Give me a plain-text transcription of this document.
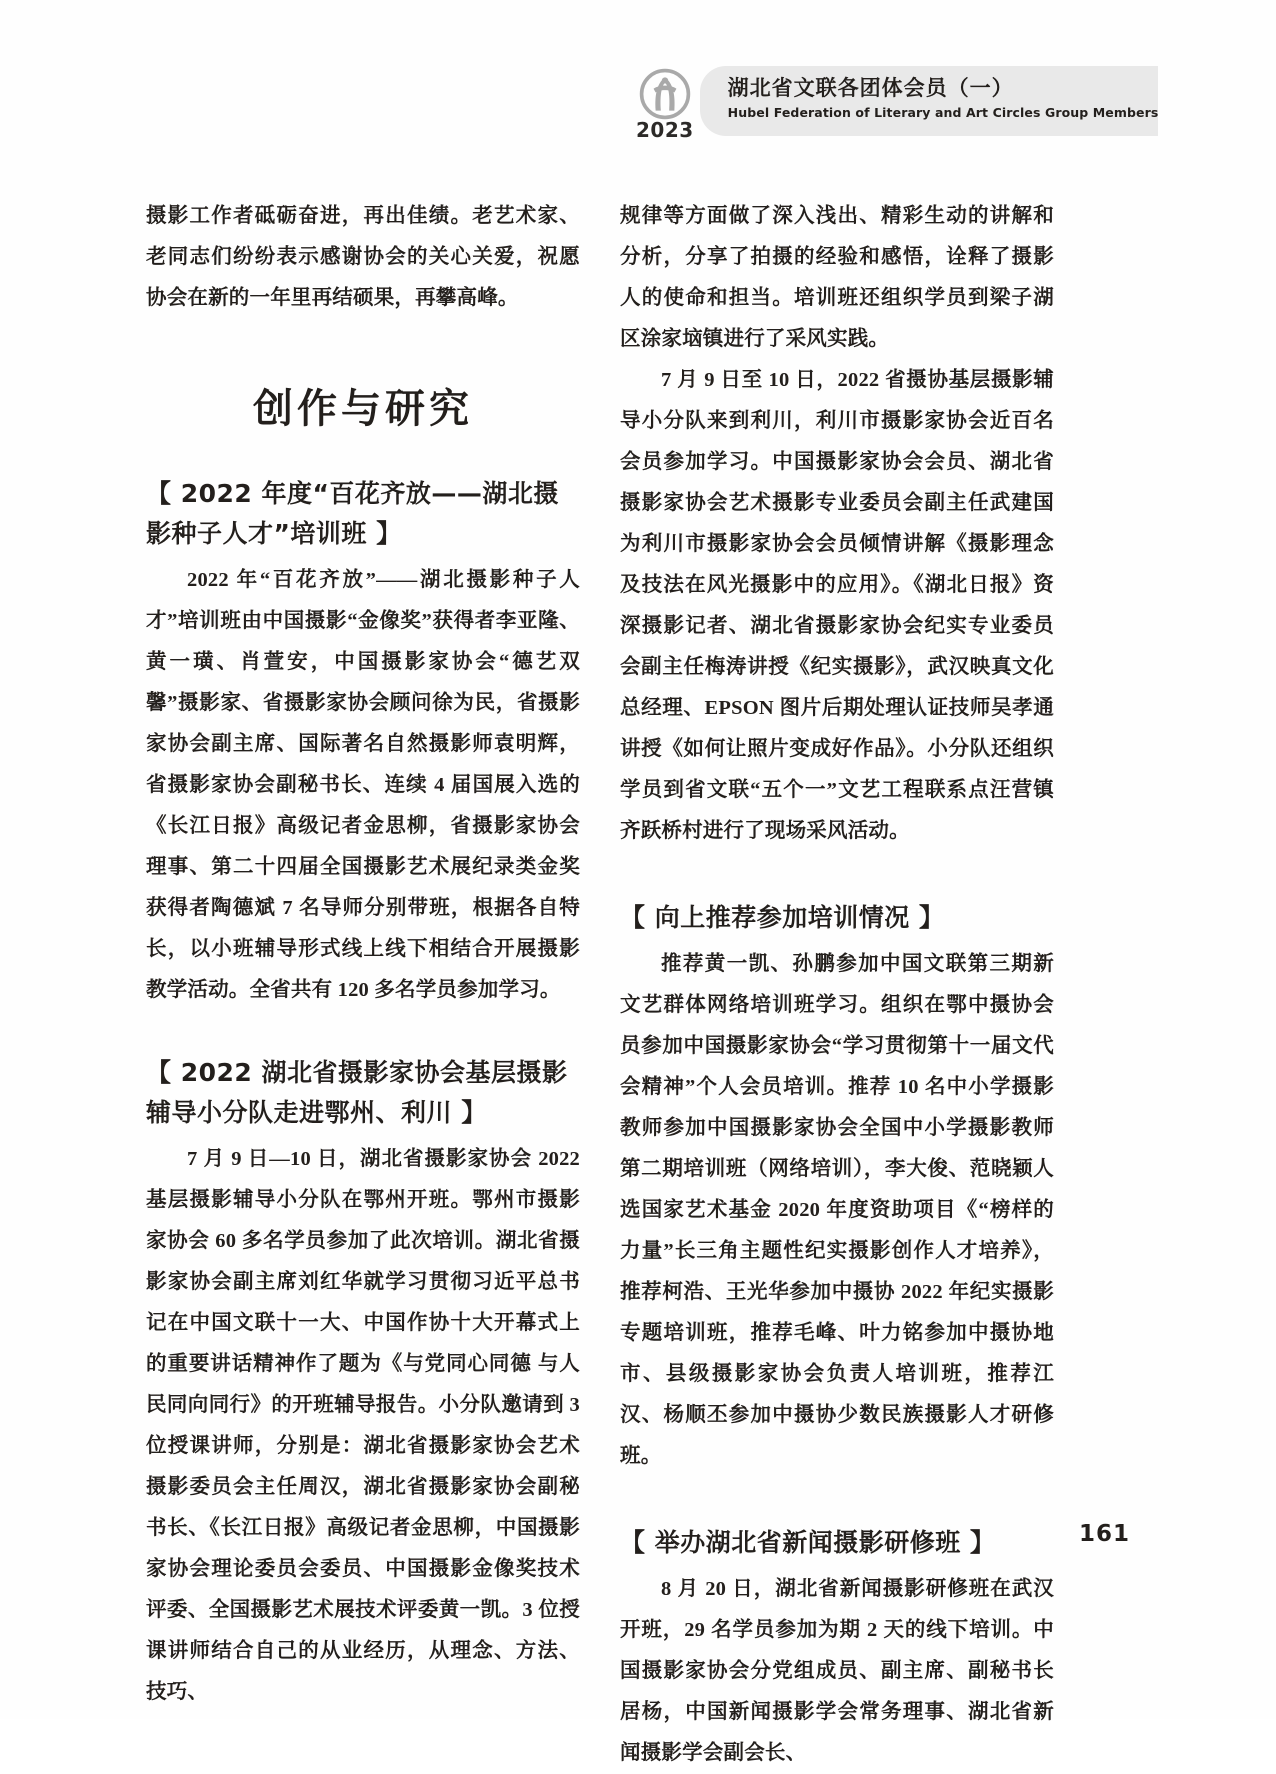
2023
湖北省文联各团体会员（一）
Hubel Federation of Literary and Art Circles Group Members

摄影工作者砥砺奋进，再出佳绩。老艺术家、老同志们纷纷表示感谢协会的关心关爱，祝愿协会在新的一年里再结硕果，再攀高峰。

创作与研究
【 2022 年度“百花齐放——湖北摄影种子人才”培训班 】

2022 年“百花齐放”——湖北摄影种子人才”培训班由中国摄影“金像奖”获得者李亚隆、黄一璜、肖萱安，中国摄影家协会“德艺双馨”摄影家、省摄影家协会顾问徐为民，省摄影家协会副主席、国际著名自然摄影师袁明辉，省摄影家协会副秘书长、连续 4 届国展入选的《长江日报》高级记者金思柳，省摄影家协会理事、第二十四届全国摄影艺术展纪录类金奖获得者陶德斌 7 名导师分别带班，根据各自特长，以小班辅导形式线上线下相结合开展摄影教学活动。全省共有 120 多名学员参加学习。

【 2022 湖北省摄影家协会基层摄影辅导小分队走进鄂州、利川 】

7 月 9 日—10 日，湖北省摄影家协会 2022 基层摄影辅导小分队在鄂州开班。鄂州市摄影家协会 60 多名学员参加了此次培训。湖北省摄影家协会副主席刘红华就学习贯彻习近平总书记在中国文联十一大、中国作协十大开幕式上的重要讲话精神作了题为《与党同心同德 与人民同向同行》的开班辅导报告。小分队邀请到 3 位授课讲师，分别是：湖北省摄影家协会艺术摄影委员会主任周汉，湖北省摄影家协会副秘书长、《长江日报》高级记者金思柳，中国摄影家协会理论委员会委员、中国摄影金像奖技术评委、全国摄影艺术展技术评委黄一凯。3 位授课讲师结合自己的从业经历，从理念、方法、技巧、

规律等方面做了深入浅出、精彩生动的讲解和分析，分享了拍摄的经验和感悟，诠释了摄影人的使命和担当。培训班还组织学员到梁子湖区涂家垴镇进行了采风实践。

7 月 9 日至 10 日，2022 省摄协基层摄影辅导小分队来到利川，利川市摄影家协会近百名会员参加学习。中国摄影家协会会员、湖北省摄影家协会艺术摄影专业委员会副主任武建国为利川市摄影家协会会员倾情讲解《摄影理念及技法在风光摄影中的应用》。《湖北日报》资深摄影记者、湖北省摄影家协会纪实专业委员会副主任梅涛讲授《纪实摄影》，武汉映真文化总经理、EPSON 图片后期处理认证技师吴孝通讲授《如何让照片变成好作品》。小分队还组织学员到省文联“五个一”文艺工程联系点汪营镇齐跃桥村进行了现场采风活动。

【 向上推荐参加培训情况 】

推荐黄一凯、孙鹏参加中国文联第三期新文艺群体网络培训班学习。组织在鄂中摄协会员参加中国摄影家协会“学习贯彻第十一届文代会精神”个人会员培训。推荐 10 名中小学摄影教师参加中国摄影家协会全国中小学摄影教师第二期培训班（网络培训），李大俊、范晓颖人选国家艺术基金 2020 年度资助项目《“榜样的力量”长三角主题性纪实摄影创作人才培养》，推荐柯浩、王光华参加中摄协 2022 年纪实摄影专题培训班，推荐毛峰、叶力铭参加中摄协地市、县级摄影家协会负责人培训班，推荐江汉、杨顺丕参加中摄协少数民族摄影人才研修班。

【 举办湖北省新闻摄影研修班 】

8 月 20 日，湖北省新闻摄影研修班在武汉开班，29 名学员参加为期 2 天的线下培训。中国摄影家协会分党组成员、副主席、副秘书长居杨，中国新闻摄影学会常务理事、湖北省新闻摄影学会副会长、

161
